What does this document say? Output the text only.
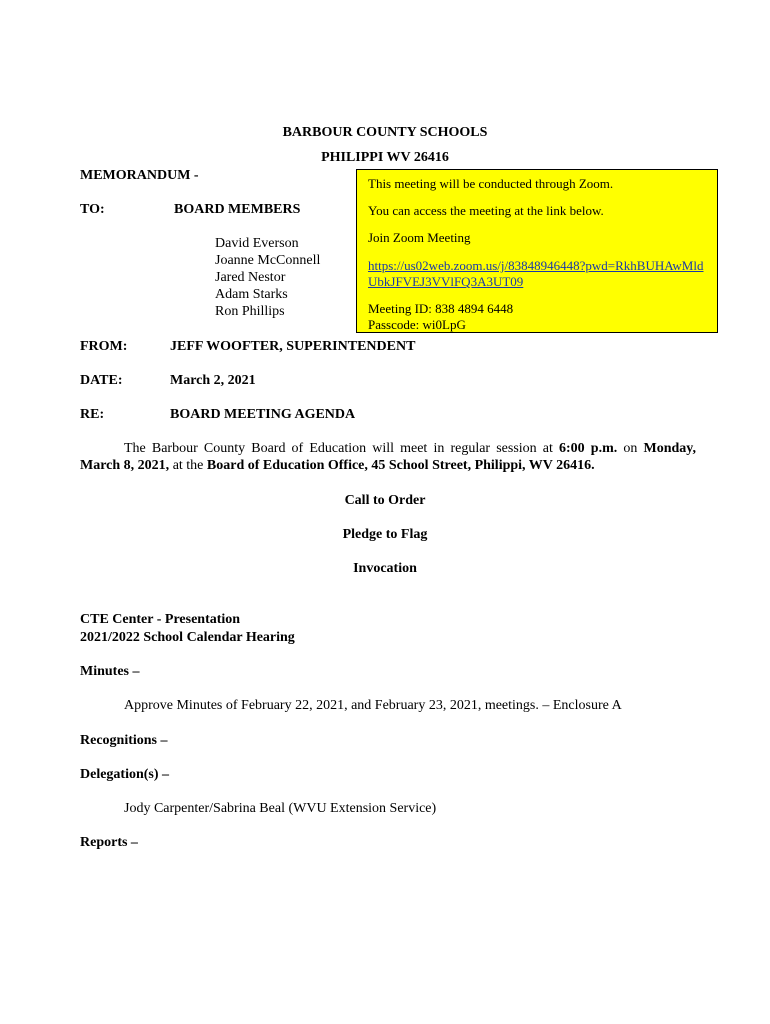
BARBOUR COUNTY SCHOOLS
PHILIPPI WV 26416
MEMORANDUM -
TO:	BOARD MEMBERS
David Everson
Joanne McConnell
Jared Nestor
Adam Starks
Ron Phillips
This meeting will be conducted through Zoom.
You can access the meeting at the link below.
Join Zoom Meeting
https://us02web.zoom.us/j/83848946448?pwd=RkhBUHAwMld
UbkJFVEJ3VVlFQ3A3UT09
Meeting ID: 838 4894 6448
Passcode: wi0LpG
FROM:	JEFF WOOFTER, SUPERINTENDENT
DATE:	March 2, 2021
RE:	BOARD MEETING AGENDA
The Barbour County Board of Education will meet in regular session at 6:00 p.m. on Monday, March 8, 2021, at the Board of Education Office, 45 School Street, Philippi, WV 26416.
Call to Order
Pledge to Flag
Invocation
CTE Center - Presentation
2021/2022 School Calendar Hearing
Minutes –
Approve Minutes of February 22, 2021, and February 23, 2021, meetings. – Enclosure A
Recognitions –
Delegation(s) –
Jody Carpenter/Sabrina Beal (WVU Extension Service)
Reports –
